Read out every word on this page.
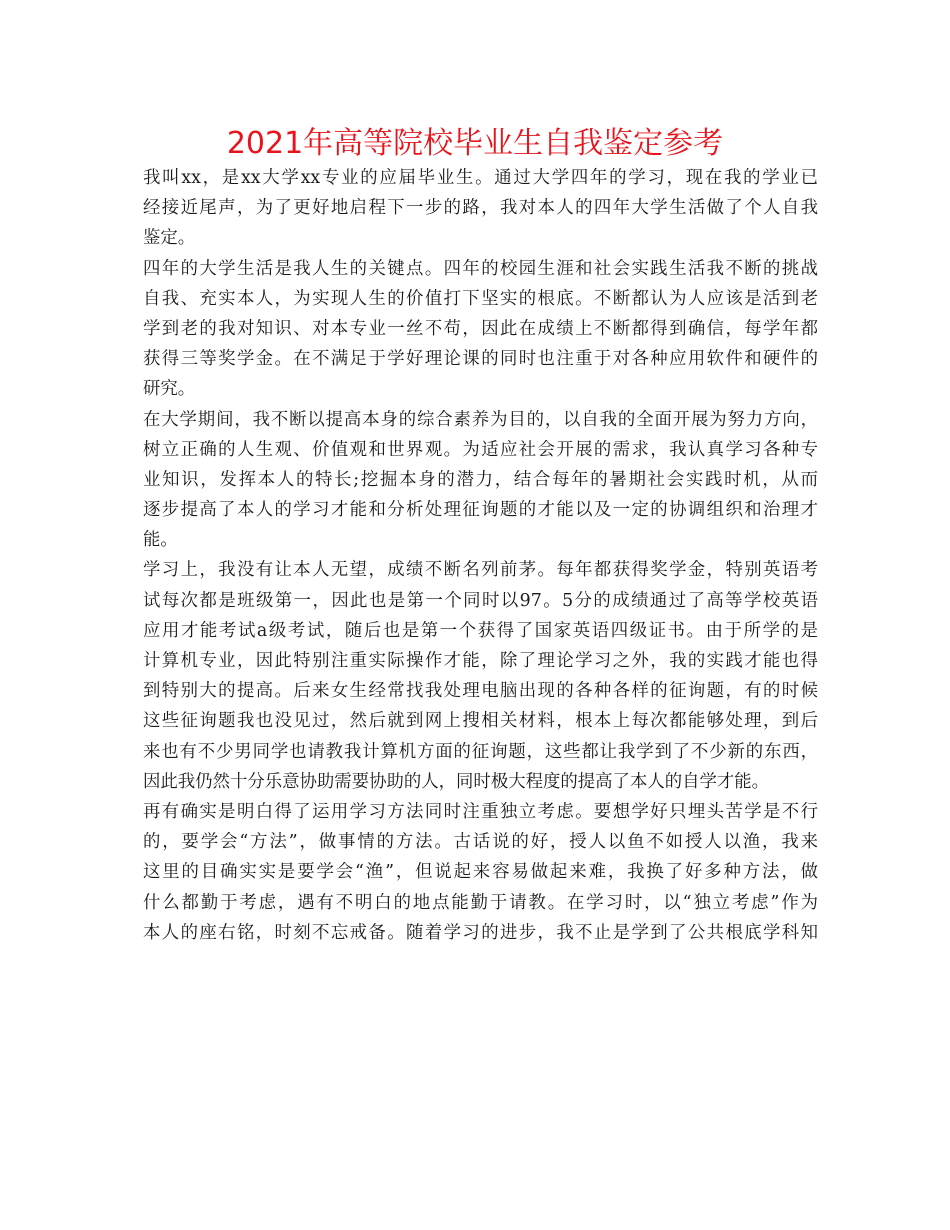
2021年高等院校毕业生自我鉴定参考
我叫xx，是xx大学xx专业的应届毕业生。通过大学四年的学习，现在我的学业已
经接近尾声，为了更好地启程下一步的路，我对本人的四年大学生活做了个人自我
鉴定。
四年的大学生活是我人生的关键点。四年的校园生涯和社会实践生活我不断的挑战
自我、充实本人，为实现人生的价值打下坚实的根底。不断都认为人应该是活到老
学到老的我对知识、对本专业一丝不苟，因此在成绩上不断都得到确信，每学年都
获得三等奖学金。在不满足于学好理论课的同时也注重于对各种应用软件和硬件的
研究。
在大学期间，我不断以提高本身的综合素养为目的，以自我的全面开展为努力方向，
树立正确的人生观、价值观和世界观。为适应社会开展的需求，我认真学习各种专
业知识，发挥本人的特长;挖掘本身的潜力，结合每年的暑期社会实践时机，从而
逐步提高了本人的学习才能和分析处理征询题的才能以及一定的协调组织和治理才
能。
学习上，我没有让本人无望，成绩不断名列前茅。每年都获得奖学金，特别英语考
试每次都是班级第一，因此也是第一个同时以97。5分的成绩通过了高等学校英语
应用才能考试a级考试，随后也是第一个获得了国家英语四级证书。由于所学的是
计算机专业，因此特别注重实际操作才能，除了理论学习之外，我的实践才能也得
到特别大的提高。后来女生经常找我处理电脑出现的各种各样的征询题，有的时候
这些征询题我也没见过，然后就到网上搜相关材料，根本上每次都能够处理，到后
来也有不少男同学也请教我计算机方面的征询题，这些都让我学到了不少新的东西，
因此我仍然十分乐意协助需要协助的人，同时极大程度的提高了本人的自学才能。
再有确实是明白得了运用学习方法同时注重独立考虑。要想学好只埋头苦学是不行
的，要学会“方法”，做事情的方法。古话说的好，授人以鱼不如授人以渔，我来
这里的目确实实是要学会“渔”，但说起来容易做起来难，我换了好多种方法，做
什么都勤于考虑，遇有不明白的地点能勤于请教。在学习时，以“独立考虑”作为
本人的座右铭，时刻不忘戒备。随着学习的进步，我不止是学到了公共根底学科知
